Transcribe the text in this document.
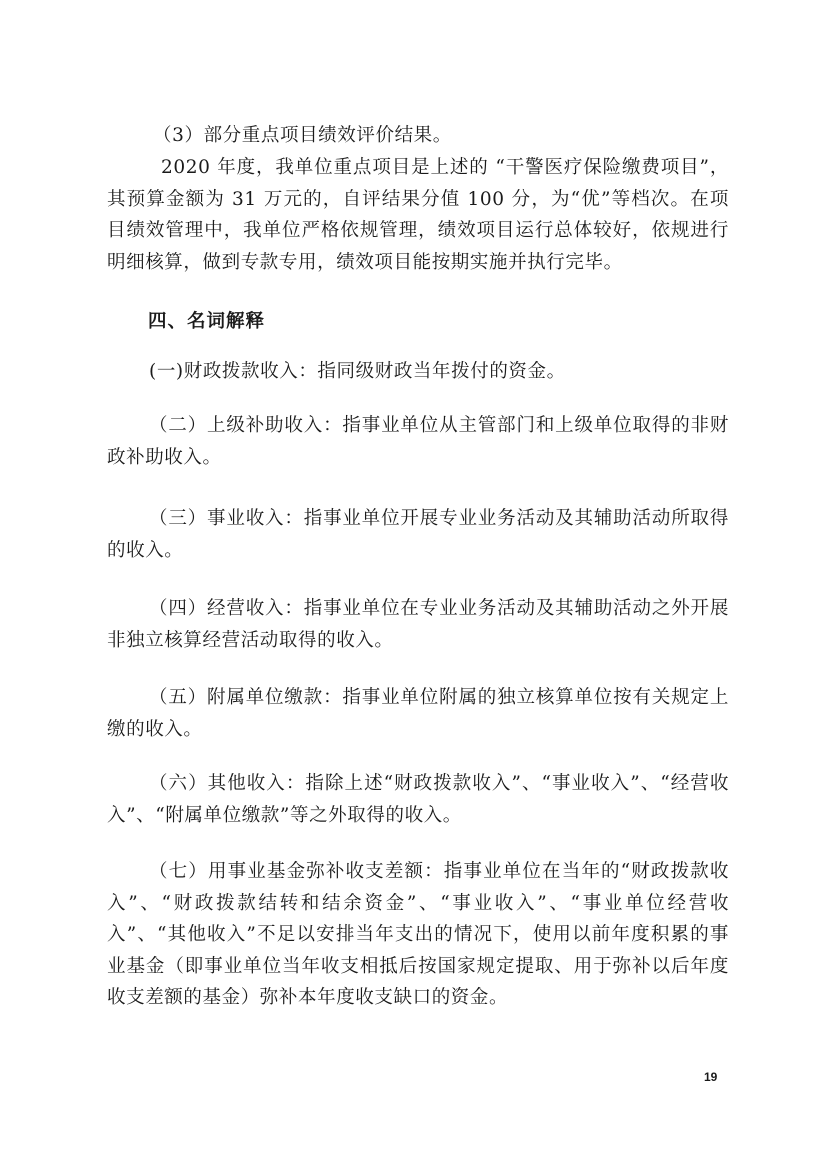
（3）部分重点项目绩效评价结果。

2020 年度，我单位重点项目是上述的 “干警医疗保险缴费项目”，其预算金额为 31 万元的，自评结果分值 100 分，为“优”等档次。在项目绩效管理中，我单位严格依规管理，绩效项目运行总体较好，依规进行明细核算，做到专款专用，绩效项目能按期实施并执行完毕。

四、名词解释

(一)财政拨款收入：指同级财政当年拨付的资金。

（二）上级补助收入：指事业单位从主管部门和上级单位取得的非财政补助收入。

（三）事业收入：指事业单位开展专业业务活动及其辅助活动所取得的收入。

（四）经营收入：指事业单位在专业业务活动及其辅助活动之外开展非独立核算经营活动取得的收入。

（五）附属单位缴款：指事业单位附属的独立核算单位按有关规定上缴的收入。

（六）其他收入：指除上述“财政拨款收入”、“事业收入”、“经营收入”、“附属单位缴款”等之外取得的收入。

（七）用事业基金弥补收支差额：指事业单位在当年的“财政拨款收入”、“财政拨款结转和结余资金”、“事业收入”、“事业单位经营收入”、“其他收入”不足以安排当年支出的情况下，使用以前年度积累的事业基金（即事业单位当年收支相抵后按国家规定提取、用于弥补以后年度收支差额的基金）弥补本年度收支缺口的资金。

19
